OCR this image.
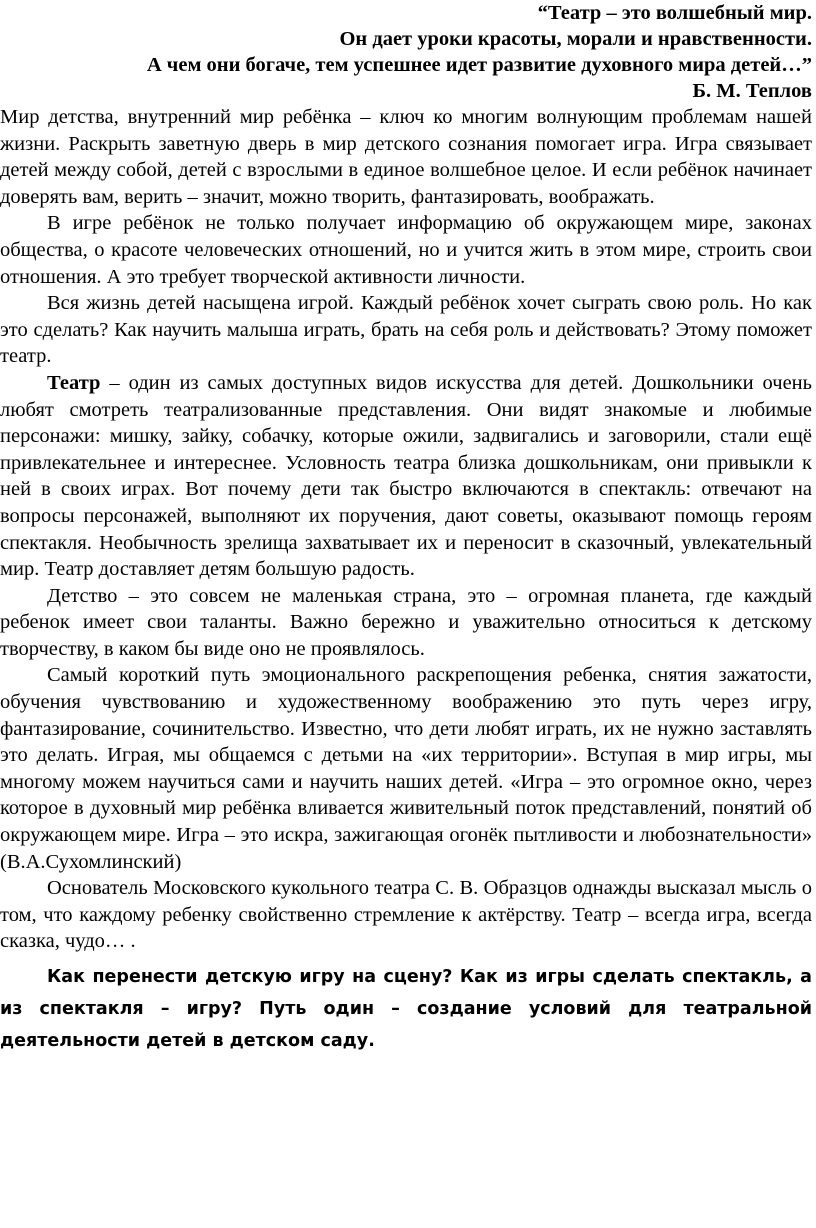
“Театр – это волшебный мир.

Он дает уроки красоты, морали и нравственности.

А чем они богаче, тем успешнее идет развитие духовного мира детей…”

Б. М. Теплов

Мир детства, внутренний мир ребёнка – ключ ко многим волнующим проблемам нашей жизни. Раскрыть заветную дверь в мир детского сознания помогает игра. Игра связывает детей между собой, детей с взрослыми в единое волшебное целое. И если ребёнок начинает доверять вам, верить – значит, можно творить, фантазировать, воображать.

В игре ребёнок не только получает информацию об окружающем мире, законах общества, о красоте человеческих отношений, но и учится жить в этом мире, строить свои отношения. А это требует творческой активности личности.

Вся жизнь детей насыщена игрой. Каждый ребёнок хочет сыграть свою роль. Но как это сделать? Как научить малыша играть, брать на себя роль и действовать? Этому поможет театр.

Театр – один из самых доступных видов искусства для детей. Дошкольники очень любят смотреть театрализованные представления. Они видят знакомые и любимые персонажи: мишку, зайку, собачку, которые ожили, задвигались и заговорили, стали ещё привлекательнее и интереснее. Условность театра близка дошкольникам, они привыкли к ней в своих играх. Вот почему дети так быстро включаются в спектакль: отвечают на вопросы персонажей, выполняют их поручения, дают советы, оказывают помощь героям спектакля. Необычность зрелища захватывает их и переносит в сказочный, увлекательный мир. Театр доставляет детям большую радость.

Детство – это совсем не маленькая страна, это – огромная планета, где каждый ребенок имеет свои таланты. Важно бережно и уважительно относиться к детскому творчеству, в каком бы виде оно не проявлялось.

Самый короткий путь эмоционального раскрепощения ребенка, снятия зажатости, обучения чувствованию и художественному воображению это путь через игру, фантазирование, сочинительство. Известно, что дети любят играть, их не нужно заставлять это делать. Играя, мы общаемся с детьми на «их территории». Вступая в мир игры, мы многому можем научиться сами и научить наших детей. «Игра – это огромное окно, через которое в духовный мир ребёнка вливается живительный поток представлений, понятий об окружающем мире. Игра – это искра, зажигающая огонёк пытливости и любознательности» (В.А.Сухомлинский)

Основатель Московского кукольного театра С. В. Образцов однажды высказал мысль о том, что каждому ребенку свойственно стремление к актёрству. Театр – всегда игра, всегда сказка, чудо… .

Как перенести детскую игру на сцену? Как из игры сделать спектакль, а из спектакля – игру? Путь один – создание условий для театральной деятельности детей в детском саду.
